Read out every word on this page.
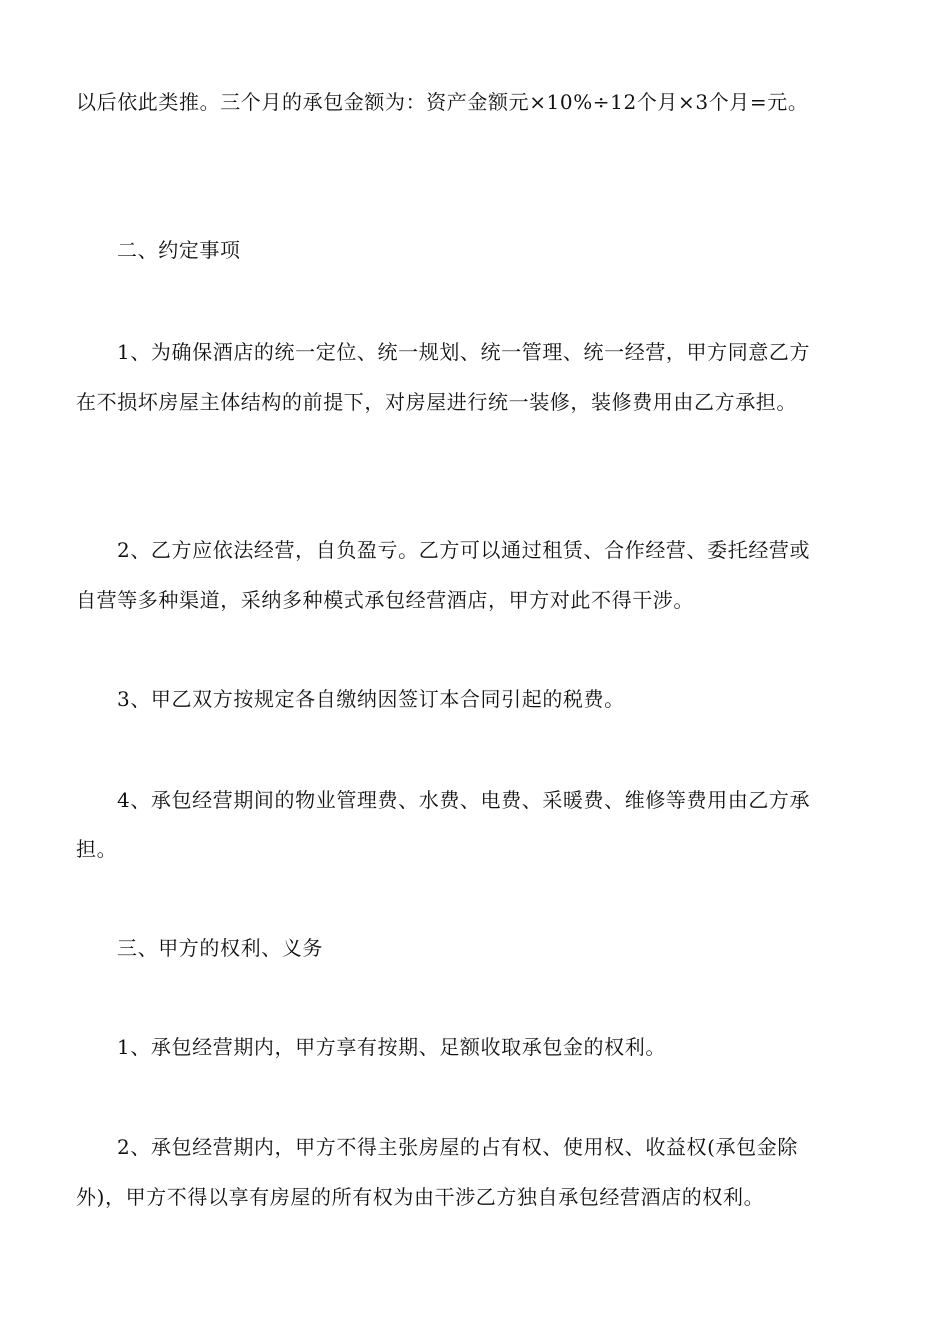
以后依此类推。三个月的承包金额为：资产金额元×10%÷12个月×3个月=元。
二、约定事项
1、为确保酒店的统一定位、统一规划、统一管理、统一经营，甲方同意乙方
在不损坏房屋主体结构的前提下，对房屋进行统一装修，装修费用由乙方承担。
2、乙方应依法经营，自负盈亏。乙方可以通过租赁、合作经营、委托经营或
自营等多种渠道，采纳多种模式承包经营酒店，甲方对此不得干涉。
3、甲乙双方按规定各自缴纳因签订本合同引起的税费。
4、承包经营期间的物业管理费、水费、电费、采暖费、维修等费用由乙方承
担。
三、甲方的权利、义务
1、承包经营期内，甲方享有按期、足额收取承包金的权利。
2、承包经营期内，甲方不得主张房屋的占有权、使用权、收益权(承包金除
外)，甲方不得以享有房屋的所有权为由干涉乙方独自承包经营酒店的权利。
